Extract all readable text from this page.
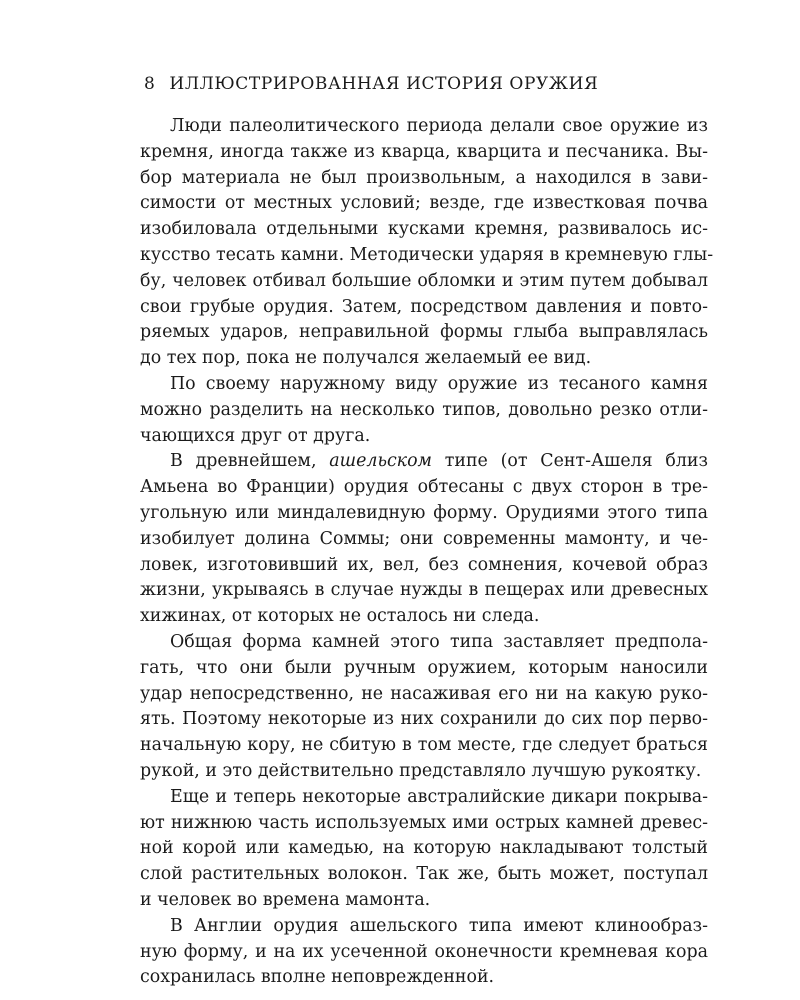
8 ИЛЛЮСТРИРОВАННАЯ ИСТОРИЯ ОРУЖИЯ
Люди палеолитического периода делали свое оружие из
кремня, иногда также из кварца, кварцита и песчаника. Вы-
бор материала не был произвольным, а находился в зави-
симости от местных условий; везде, где известковая почва
изобиловала отдельными кусками кремня, развивалось ис-
кусство тесать камни. Методически ударяя в кремневую глы-
бу, человек отбивал большие обломки и этим путем добывал
свои грубые орудия. Затем, посредством давления и повто-
ряемых ударов, неправильной формы глыба выправлялась
до тех пор, пока не получался желаемый ее вид.
По своему наружному виду оружие из тесаного камня
можно разделить на несколько типов, довольно резко отли-
чающихся друг от друга.
В древнейшем, ашельском типе (от Сент-Ашеля близ
Амьена во Франции) орудия обтесаны с двух сторон в тре-
угольную или миндалевидную форму. Орудиями этого типа
изобилует долина Соммы; они современны мамонту, и че-
ловек, изготовивший их, вел, без сомнения, кочевой образ
жизни, укрываясь в случае нужды в пещерах или древесных
хижинах, от которых не осталось ни следа.
Общая форма камней этого типа заставляет предпола-
гать, что они были ручным оружием, которым наносили
удар непосредственно, не насаживая его ни на какую руко-
ять. Поэтому некоторые из них сохранили до сих пор перво-
начальную кору, не сбитую в том месте, где следует браться
рукой, и это действительно представляло лучшую рукоятку.
Еще и теперь некоторые австралийские дикари покрыва-
ют нижнюю часть используемых ими острых камней древес-
ной корой или камедью, на которую накладывают толстый
слой растительных волокон. Так же, быть может, поступал
и человек во времена мамонта.
В Англии орудия ашельского типа имеют клинообраз-
ную форму, и на их усеченной оконечности кремневая кора
сохранилась вполне неповрежденной.
